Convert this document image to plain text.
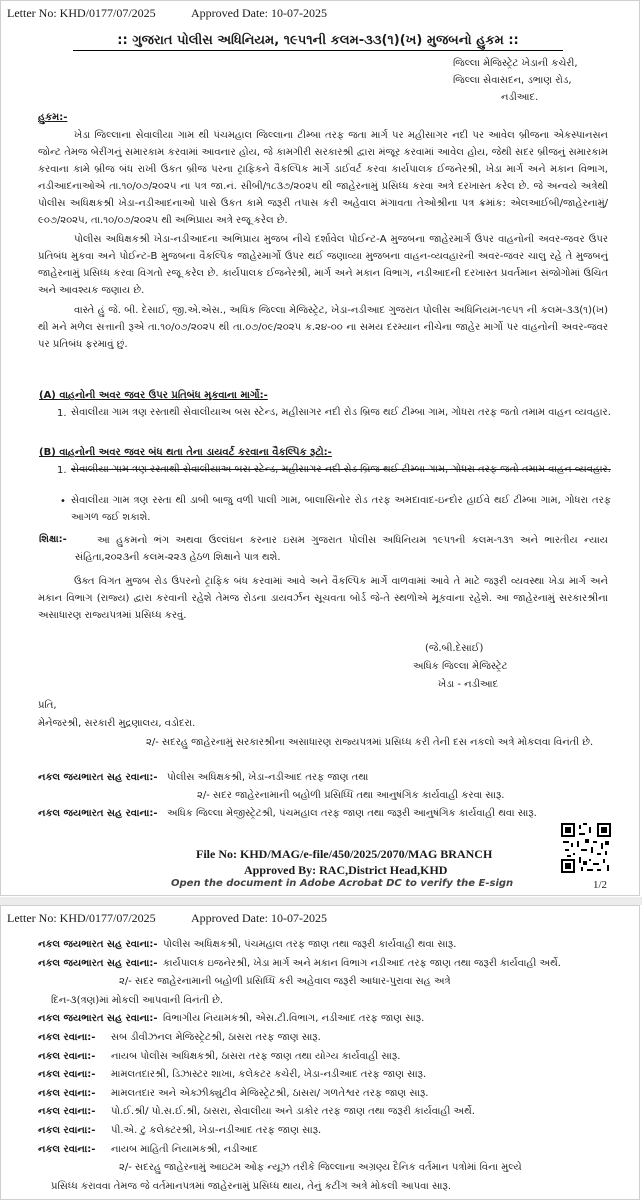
Letter No: KHD/0177/07/2025	Approved Date: 10-07-2025
:: ગુજરાત પોલીસ અધિનિયમ, ૧૯૫૧ની કલમ-૩૩(૧)(ખ) મુજબનો હુકમ ::
જિલ્લા મેજિસ્ટ્રેટ ખેડાની કચેરી,
જિલ્લા સેવાસદન, ડભાણ રોડ,
નડીઆદ.
હુકમ:-
ખેડા જિલ્લાના સેવાલીયા ગામ થી પંચમહાલ જિલ્લાના ટીમ્બા તરફ જતા માર્ગ પર મહીસાગર નદી પર આવેલ બ્રીજના એકસ્પાનસન જોન્ટ તેમજ બેરીંગનું સમારકામ કરવામાં આવનાર હોય, જે કામગીરી સરકારશ્રી દ્વારા મંજૂર કરવામાં આવેલ હોય, જેથી સદર બ્રીજનું સમારકામ કરવાના કામે બ્રીજ બંધ રાખી ઉકત બ્રીજ પરના ટ્રાફિકને વૈકલ્પિક માર્ગે ડાઈવર્ટ કરવા કાર્યપાલક ઈજનેરશ્રી, ખેડા માર્ગ અને મકાન વિભાગ, નડીઆદનાઓએ તા.૧૦/૦૭/૨૦૨૫ ના પત્ર જા.નં. સીબી/૧૮૩૭/૨૦૨૫ થી જાહેરનામું પ્રસિધ્ધ કરવા અત્રે દરખાસ્ત કરેલ છે. જે અન્વયે અત્રેથી પોલીસ અધિક્ષકશ્રી ખેડા-નડીઆદનાઓ પાસે ઉકત કામે જરૂરી તપાસ કરી અહેવાલ મંગાવતા તેઓશ્રીના પત્ર ક્રમાંક: એલઆઈબી/જાહેરનામું/૯૦૭/૨૦૨૫, તા.૧૦/૦૭/૨૦૨૫ થી અભિપ્રાય અત્રે રજૂ કરેલ છે.
પોલીસ અધિક્ષકશ્રી ખેડા-નડીઆદના અભિપ્રાય મુજબ નીચે દર્શાવેલ પોઈન્ટ-A મુજબના જાહેરમાર્ગ ઉપર વાહનોની અવર-જવર ઉપર પ્રતિબંધ મુકવા અને પોઈન્ટ-B મુજબના વૈકલ્પિક જાહેરમાર્ગો ઉપર થઈ જણાવ્યા મુજબના વાહન-વ્યવહારની અવર-જવર ચાલુ રહે તે મુજબનું જાહેરનામું પ્રસિધ્ધ કરવા વિગતો રજૂ કરેલ છે. કાર્યપાલક ઈજનેરશ્રી, માર્ગ અને મકાન વિભાગ, નડીઆદની દરખાસ્ત પ્રવર્તમાન સંજોગોમાં ઉચિત અને આવશ્યક જણાય છે.
વાસ્તે હું જે. બી. દેસાઈ, જી.એ.એસ., અધિક જિલ્લા મેજિસ્ટ્રેટ, ખેડા-નડીઆદ ગુજરાત પોલીસ અધિનિયમ-૧૯૫૧ ની કલમ-૩૩(૧)(ખ) થી મને મળેલ સત્તાની રૂએ તા.૧૦/૦૭/૨૦૨૫ થી તા.૦૭/૦૯/૨૦૨૫ ક.૨૪-૦૦ ના સમય દરમ્યાન નીચેના જાહેર માર્ગો પર વાહનોની અવર-જવર પર પ્રતિબંધ ફરમાવું છું.
(A) વાહનોની અવર જવર ઉપર પ્રતિબંધ મુકવાના માર્ગો:-
1. સેવાલીયા ગામ ત્રણ રસ્તાથી સેવાલીયાઅ બસ સ્ટેન્ડ, મહીસાગર નદી રોડ બ્રિજ થઈ ટીમ્બા ગામ, ગોધરા તરફ જતો તમામ વાહન વ્યવહાર.
(B) વાહનોની અવર જવર બંધ થતા તેના ડાયવર્ટ કરવાના વૈકલ્પિક રૂટો:-
1. સેવાલીયા ગામ ત્રણ રસ્તાથી સેવાલીયાઅ બસ સ્ટેન્ડ, મહીસાગર નદી રોડ બ્રિજ થઈ ટીમ્બા ગામ, ગોધરા તરફ જતો તમામ વાહન વ્યવહાર.
• સેવાલીયા ગામ ત્રણ રસ્તા થી ડાબી બાજુ વળી પાલી ગામ, બાલાસિનોર રોડ તરફ અમદાવાદ-ઇન્દોર હાઈવે થઈ ટીમ્બા ગામ, ગોધરા તરફ આગળ જઈ શકાશે.
શિક્ષા:-	આ હુકમનો ભંગ અથવા ઉલ્લંઘન કરનાર ઇસમ ગુજરાત પોલીસ અધિનિયમ ૧૯૫૧ની કલમ-૧૩૧ અને ભારતીય ન્યાય સંહિતા,૨૦૨૩ની કલમ-૨૨૩ હેઠળ શિક્ષાને પાત્ર થશે.
ઉક્ત વિગત મુજબ રોડ ઉપરનો ટ્રાફિક બંધ કરવામાં આવે અને વૈકલ્પિક માર્ગે વાળવામાં આવે તે માટે જરૂરી વ્યવસ્થા ખેડા માર્ગ અને મકાન વિભાગ (રાજ્ય) દ્વારા કરવાની રહેશે તેમજ રોડના ડાયવર્ઝન સૂચવતા બોર્ડ જે-તે સ્થળોએ મૂકવાના રહેશે. આ જાહેરનામું સરકારશ્રીના અસાધારણ રાજ્યપત્રમાં પ્રસિધ્ધ કરવું.
(જે.બી.દેસાઈ)
અધિક જિલ્લા મેજિસ્ટ્રેટ
ખેડા - નડીઆદ
પ્રતિ,
મેનેજરશ્રી, સરકારી મુદ્રણાલય, વડોદરા.
૨/- સદરહુ જાહેરનામું સરકારશ્રીના અસાધારણ રાજ્યપત્રમાં પ્રસિધ્ધ કરી તેની દસ નકલો અત્રે મોકલવા વિનંતી છે.
નકલ જયભારત સહ રવાના:- પોલીસ અધિક્ષકશ્રી, ખેડા-નડીઆદ તરફ જાણ તથા
૨/- સદર જાહેરનામાની બહોળી પ્રસિધ્ધિ તથા આનુષંગિક કાર્યવાહી કરવા સારૂ.
નકલ જયભારત સહ રવાના:- અધિક જિલ્લા મેજીસ્ટ્રેટશ્રી, પંચમહાલ તરફ જાણ તથા જરૂરી આનુષંગિક કાર્યવાહી થવા સારૂ.
File No: KHD/MAG/e-file/450/2025/2070/MAG BRANCH
Approved By: RAC,District Head,KHD
Open the document in Adobe Acrobat DC to verify the E-sign	1/2
Letter No: KHD/0177/07/2025	Approved Date: 10-07-2025
નકલ જયભારત સહ રવાના:- પોલીસ અધિક્ષકશ્રી, પંચમહાલ તરફ જાણ તથા જરૂરી કાર્યવાહી થવા સારૂ.
નકલ જયભારત સહ રવાના:- કાર્યપાલક ઇજનેરશ્રી, ખેડા માર્ગ અને મકાન વિભાગ નડીઆદ તરફ જાણ તથા જરૂરી કાર્યવાહી અર્થે.
૨/- સદર જાહેરનામાની બહોળી પ્રસિધ્ધિ કરી અહેવાલ જરૂરી આધાર-પુરાવા સહ અત્રે
દિન-૩(ત્રણ)માં મોકલી આપવાની વિનંતી છે.
નકલ જયભારત સહ રવાના:- વિભાગીય નિયામકશ્રી, એસ.ટી.વિભાગ, નડીઆદ તરફ જાણ સારૂ.
નકલ રવાના:- સબ ડીવીઝનલ મેજિસ્ટ્રેટશ્રી, ઠાસરા તરફ જાણ સારૂ.
નકલ રવાના:- નાયબ પોલીસ અધિક્ષકશ્રી, ઠાસરા તરફ જાણ તથા યોગ્ય કાર્યવાહી સારૂ.
નકલ રવાના:- મામલતદારશ્રી, ડિઝાસ્ટર શાખા, કલેકટર કચેરી, ખેડા-નડીઆદ તરફ જાણ સારૂ.
નકલ રવાના:- મામલતદાર અને એક્ઝીક્યુટીવ મેજિસ્ટ્રેટશ્રી, ઠાસરા/ ગળતેશ્વર તરફ જાણ સારૂ.
નકલ રવાના:- પો.ઈ.શ્રી/ પો.સ.ઈ.શ્રી, ઠાસરા, સેવાલીયા અને ડાકોર તરફ જાણ તથા જરૂરી કાર્યવાહી અર્થે.
નકલ રવાના:- પી.એ. ટુ કલેક્ટરશ્રી, ખેડા-નડીઆદ તરફ જાણ સારૂ.
નકલ રવાના:- નાયબ માહિતી નિયામકશ્રી, નડીઆદ
૨/- સદરહુ જાહેરનામું આઇટમ ઓફ ન્યૂઝ તરીકે જિલ્લાના અગ્રણ્ય દૈનિક વર્તમાન પત્રોમાં વિના મુલ્યે
પ્રસિધ્ધ કરાવવા તેમજ જે વર્તમાનપત્રમાં જાહેરનામું પ્રસિધ્ધ થાય, તેનું કટીંગ અત્રે મોકલી આપવા સારૂ.
